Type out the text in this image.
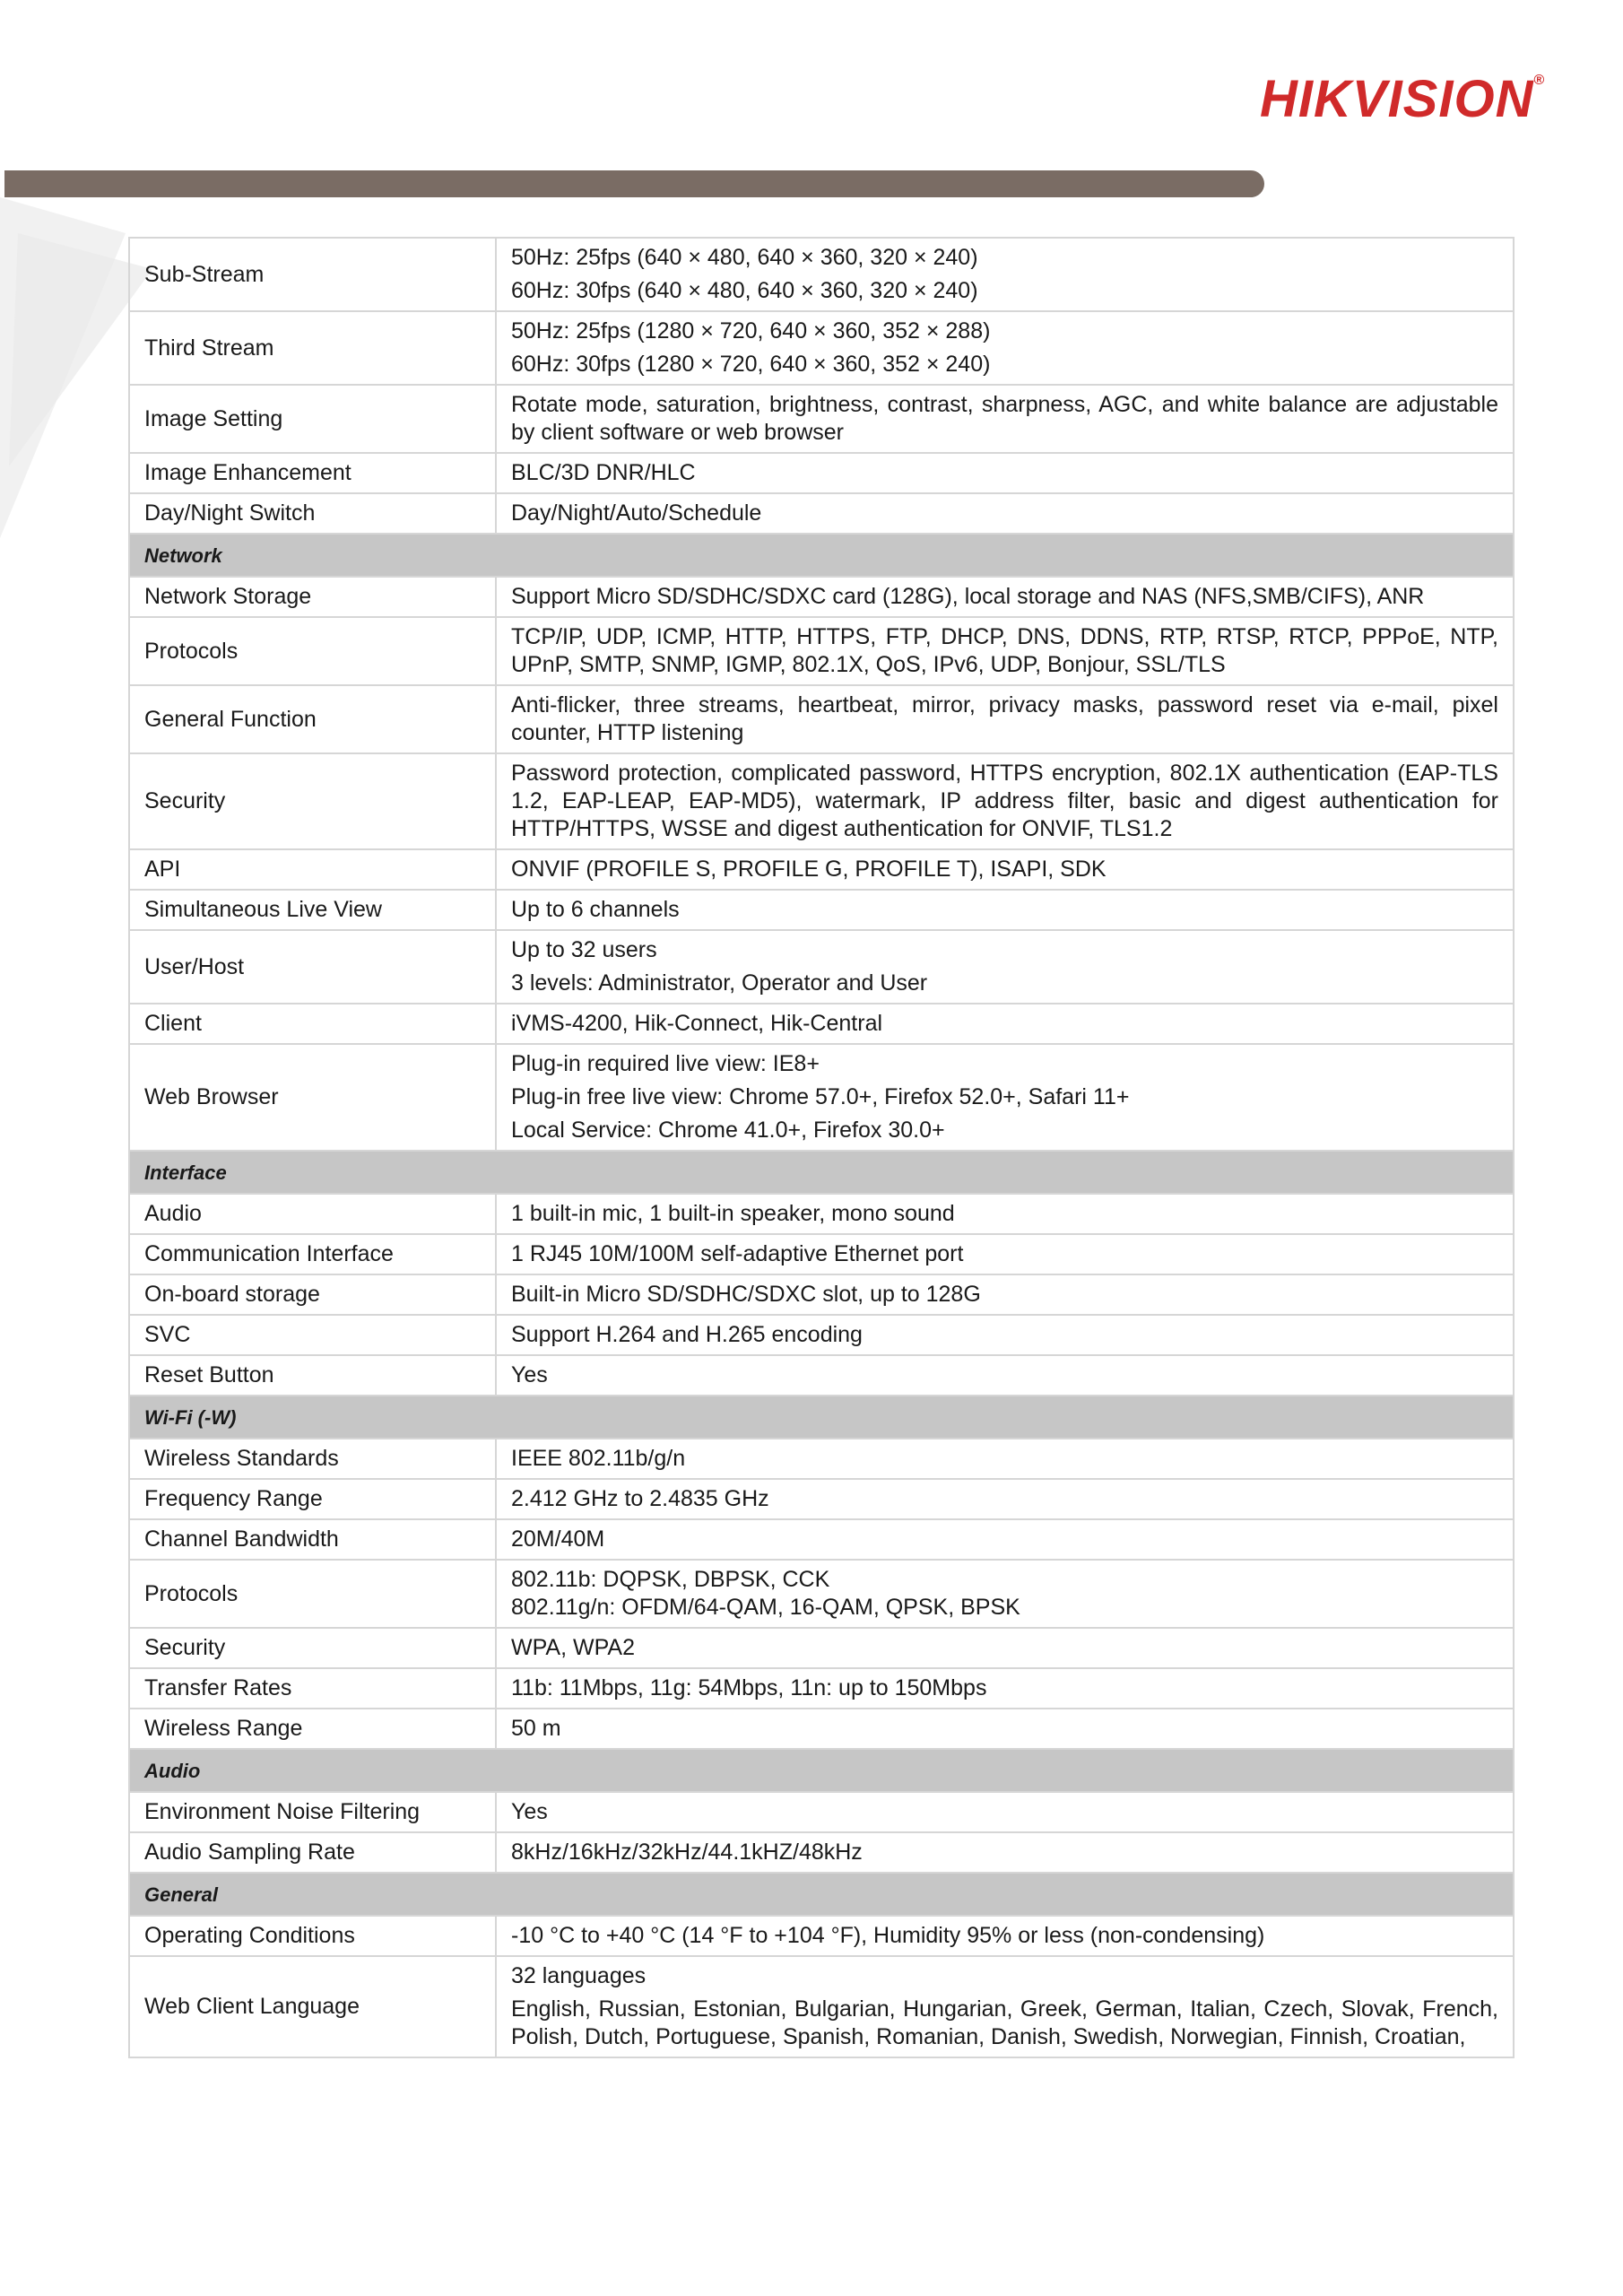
HIKVISION®
Sub-Stream	50Hz: 25fps (640 × 480, 640 × 360, 320 × 240)
60Hz: 30fps (640 × 480, 640 × 360, 320 × 240)

Third Stream	50Hz: 25fps (1280 × 720, 640 × 360, 352 × 288)
60Hz: 30fps (1280 × 720, 640 × 360, 352 × 240)

Image Setting	Rotate mode, saturation, brightness, contrast, sharpness, AGC, and white balance are adjustable by client software or web browser

Image Enhancement	BLC/3D DNR/HLC

Day/Night Switch	Day/Night/Auto/Schedule

Network	
Network Storage	Support Micro SD/SDHC/SDXC card (128G), local storage and NAS (NFS,SMB/CIFS), ANR

Protocols	TCP/IP, UDP, ICMP, HTTP, HTTPS, FTP, DHCP, DNS, DDNS, RTP, RTSP, RTCP, PPPoE, NTP, UPnP, SMTP, SNMP, IGMP, 802.1X, QoS, IPv6, UDP, Bonjour, SSL/TLS

General Function	Anti-flicker, three streams, heartbeat, mirror, privacy masks, password reset via e-mail, pixel counter, HTTP listening

Security	Password protection, complicated password, HTTPS encryption, 802.1X authentication (EAP-TLS 1.2, EAP-LEAP, EAP-MD5), watermark, IP address filter, basic and digest authentication for HTTP/HTTPS, WSSE and digest authentication for ONVIF, TLS1.2

API	ONVIF (PROFILE S, PROFILE G, PROFILE T), ISAPI, SDK

Simultaneous Live View	Up to 6 channels

User/Host	Up to 32 users
3 levels: Administrator, Operator and User

Client	iVMS-4200, Hik-Connect, Hik-Central

Web Browser	Plug-in required live view: IE8+
Plug-in free live view: Chrome 57.0+, Firefox 52.0+, Safari 11+
Local Service: Chrome 41.0+, Firefox 30.0+

Interface	
Audio	1 built-in mic, 1 built-in speaker, mono sound

Communication Interface	1 RJ45 10M/100M self-adaptive Ethernet port

On-board storage	Built-in Micro SD/SDHC/SDXC slot, up to 128G

SVC	Support H.264 and H.265 encoding

Reset Button	Yes

Wi-Fi (-W)	
Wireless Standards	IEEE 802.11b/g/n

Frequency Range	2.412 GHz to 2.4835 GHz

Channel Bandwidth	20M/40M

Protocols	802.11b: DQPSK, DBPSK, CCK
802.11g/n: OFDM/64-QAM, 16-QAM, QPSK, BPSK

Security	WPA, WPA2

Transfer Rates	11b: 11Mbps, 11g: 54Mbps, 11n: up to 150Mbps

Wireless Range	50 m

Audio	
Environment Noise Filtering	Yes

Audio Sampling Rate	8kHz/16kHz/32kHz/44.1kHZ/48kHz

General	
Operating Conditions	-10 °C to +40 °C (14 °F to +104 °F), Humidity 95% or less (non-condensing)

Web Client Language	32 languages
English, Russian, Estonian, Bulgarian, Hungarian, Greek, German, Italian, Czech, Slovak, French, Polish, Dutch, Portuguese, Spanish, Romanian, Danish, Swedish, Norwegian, Finnish, Croatian,
